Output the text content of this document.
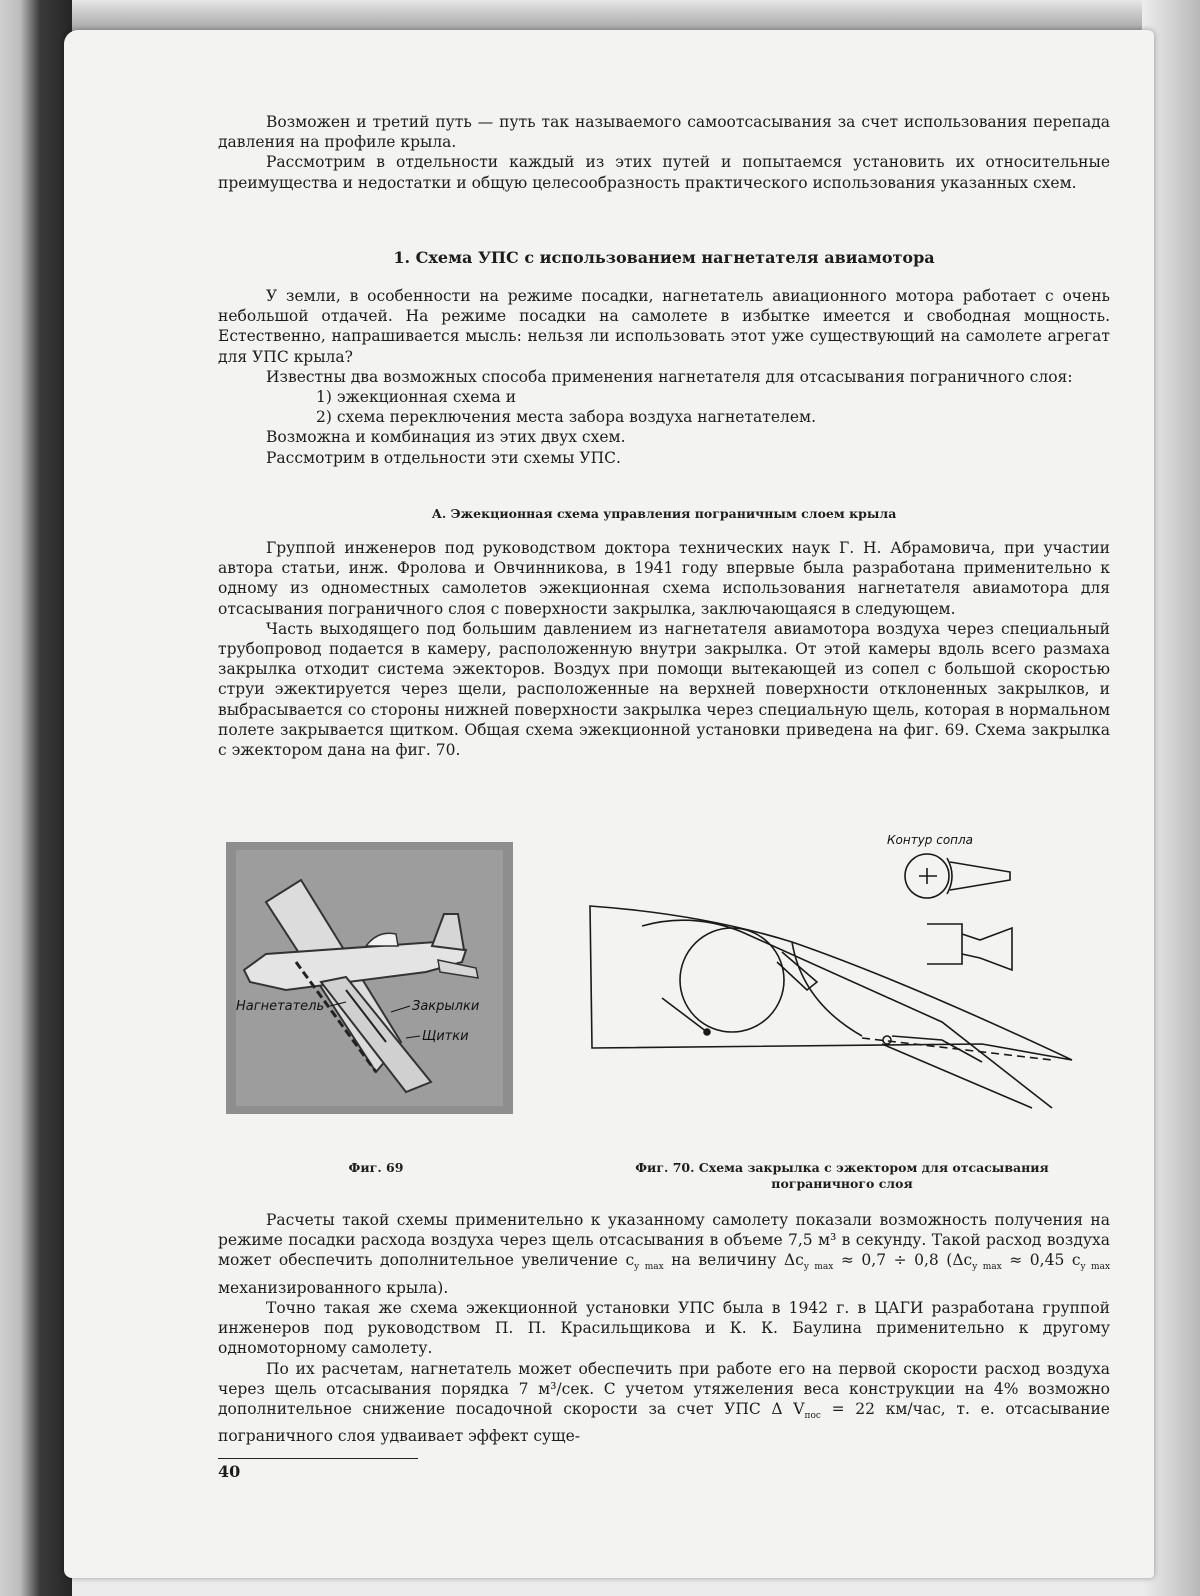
Возможен и третий путь — путь так называемого самоотсасывания за счет использования перепада давления на профиле крыла.

Рассмотрим в отдельности каждый из этих путей и попытаемся установить их относительные преимущества и недостатки и общую целесообразность практического использования указанных схем.

1. Схема УПС с использованием нагнетателя авиамотора

У земли, в особенности на режиме посадки, нагнетатель авиационного мотора работает с очень небольшой отдачей. На режиме посадки на самолете в избытке имеется и свободная мощность. Естественно, напрашивается мысль: нельзя ли использовать этот уже существующий на самолете агрегат для УПС крыла?

Известны два возможных способа применения нагнетателя для отсасывания пограничного слоя:

1) эжекционная схема и

2) схема переключения места забора воздуха нагнетателем.

Возможна и комбинация из этих двух схем.

Рассмотрим в отдельности эти схемы УПС.

А. Эжекционная схема управления пограничным слоем крыла

Группой инженеров под руководством доктора технических наук Г. Н. Абрамовича, при участии автора статьи, инж. Фролова и Овчинникова, в 1941 году впервые была разработана применительно к одному из одноместных самолетов эжекционная схема использования нагнетателя авиамотора для отсасывания пограничного слоя с поверхности закрылка, заключающаяся в следующем.

Часть выходящего под большим давлением из нагнетателя авиамотора воздуха через специальный трубопровод подается в камеру, расположенную внутри закрылка. От этой камеры вдоль всего размаха закрылка отходит система эжекторов. Воздух при помощи вытекающей из сопел с большой скоростью струи эжектируется через щели, расположенные на верхней поверхности отклоненных закрылков, и выбрасывается со стороны нижней поверхности закрылка через специальную щель, которая в нормальном полете закрывается щитком. Общая схема эжекционной установки приведена на фиг. 69. Схема закрылка с эжектором дана на фиг. 70.

Нагнетатель	Закрылки
Щитки
Контур сопла
Фиг. 69	Фиг. 70. Схема закрылка с эжектором для отсасывания
пограничного слоя

Расчеты такой схемы применительно к указанному самолету показали возможность получения на режиме посадки расхода воздуха через щель отсасывания в объеме 7,5 м³ в секунду. Такой расход воздуха может обеспечить дополнительное увеличение $c_{y max}$ на величину $\Delta c_{y max} \approx 0,7 \div 0,8$ ($\Delta c_{y max} \approx 0,45$ $c_{y max}$ механизированного крыла).

Точно такая же схема эжекционной установки УПС была в 1942 г. в ЦАГИ разработана группой инженеров под руководством П. П. Красильщикова и К. К. Баулина применительно к другому одномоторному самолету.

По их расчетам, нагнетатель может обеспечить при работе его на первой скорости расход воздуха через щель отсасывания порядка 7 м³/сек. С учетом утяжеления веса конструкции на 4% возможно дополнительное снижение посадочной скорости за счет УПС Δ $V_{пос} = 22$ км/час, т. е. отсасывание пограничного слоя удваивает эффект суще-

40
